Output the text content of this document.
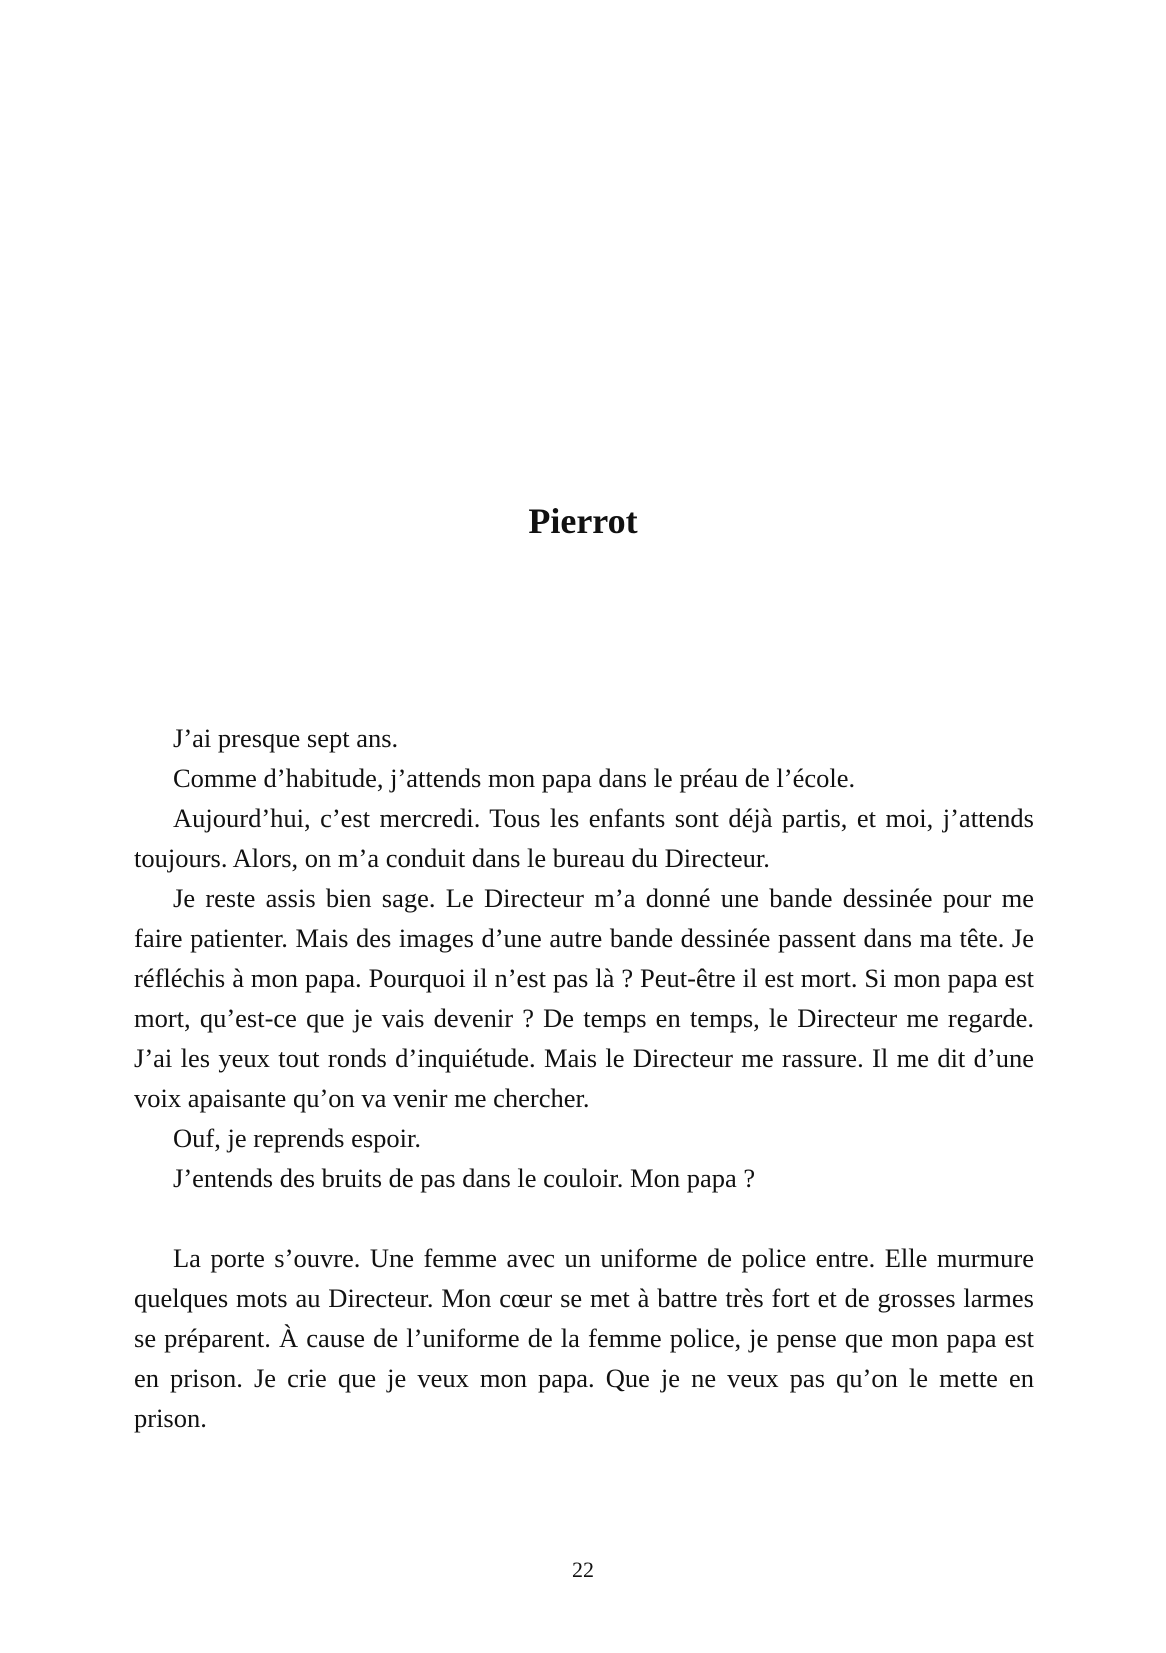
Pierrot

J’ai presque sept ans.

Comme d’habitude, j’attends mon papa dans le préau de l’école.

Aujourd’hui, c’est mercredi. Tous les enfants sont déjà partis, et moi, j’attends toujours. Alors, on m’a conduit dans le bureau du Directeur.

Je reste assis bien sage. Le Directeur m’a donné une bande dessinée pour me faire patienter. Mais des images d’une autre bande dessinée passent dans ma tête. Je réfléchis à mon papa. Pourquoi il n’est pas là ? Peut-être il est mort. Si mon papa est mort, qu’est-ce que je vais devenir ? De temps en temps, le Directeur me regarde. J’ai les yeux tout ronds d’inquiétude. Mais le Directeur me rassure. Il me dit d’une voix apaisante qu’on va venir me chercher.

Ouf, je reprends espoir.

J’entends des bruits de pas dans le couloir. Mon papa ?

La porte s’ouvre. Une femme avec un uniforme de police entre. Elle murmure quelques mots au Directeur. Mon cœur se met à battre très fort et de grosses larmes se préparent. À cause de l’uniforme de la femme police, je pense que mon papa est en prison. Je crie que je veux mon papa. Que je ne veux pas qu’on le mette en prison.

22
